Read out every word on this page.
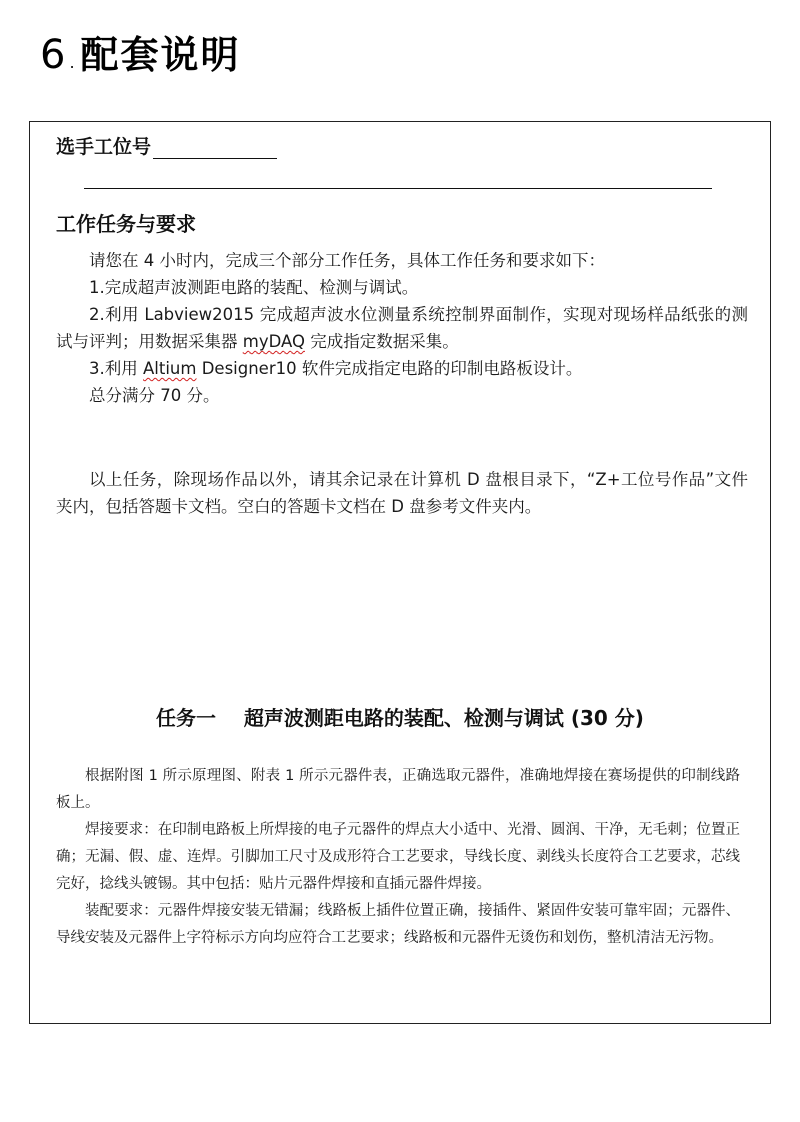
6 . 配套说明
选手工位号
工作任务与要求

请您在 4 小时内，完成三个部分工作任务，具体工作任务和要求如下：

1.完成超声波测距电路的装配、检测与调试。

2.利用 Labview2015 完成超声波水位测量系统控制界面制作，实现对现场样品纸张的测试与评判；用数据采集器 myDAQ 完成指定数据采集。

3.利用 Altium Designer10 软件完成指定电路的印制电路板设计。

总分满分 70 分。

以上任务，除现场作品以外，请其余记录在计算机 D 盘根目录下，“Z+工位号作品”文件夹内，包括答题卡文档。空白的答题卡文档在 D 盘参考文件夹内。

任务一    超声波测距电路的装配、检测与调试 (30 分)

根据附图 1 所示原理图、附表 1 所示元器件表，正确选取元器件，准确地焊接在赛场提供的印制线路板上。

焊接要求：在印制电路板上所焊接的电子元器件的焊点大小适中、光滑、圆润、干净，无毛刺；位置正确；无漏、假、虚、连焊。引脚加工尺寸及成形符合工艺要求，导线长度、剥线头长度符合工艺要求，芯线完好，捻线头镀锡。其中包括：贴片元器件焊接和直插元器件焊接。

装配要求：元器件焊接安装无错漏；线路板上插件位置正确，接插件、紧固件安装可靠牢固；元器件、导线安装及元器件上字符标示方向均应符合工艺要求；线路板和元器件无烫伤和划伤，整机清洁无污物。
